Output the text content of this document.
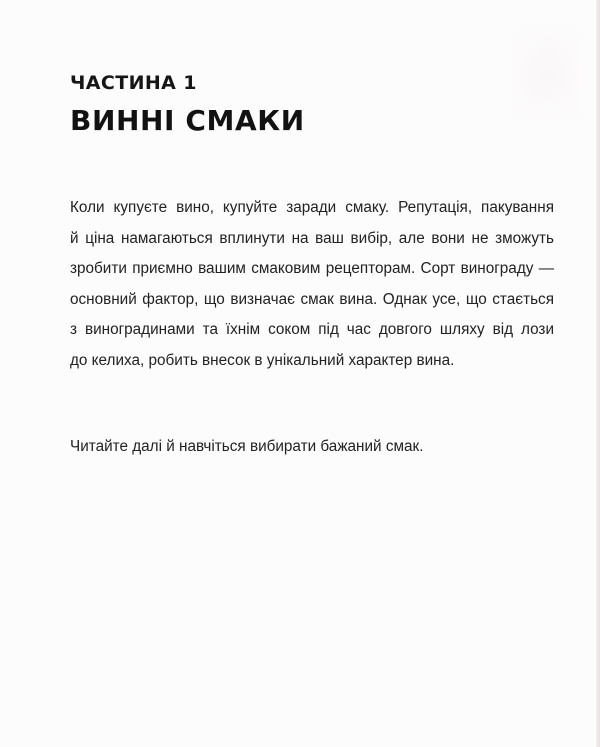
ЧАСТИНА 1
ВИННІ СМАКИ
Коли купуєте вино, купуйте заради смаку. Репутація, пакування
й ціна намагаються вплинути на ваш вибір, але вони не зможуть
зробити приємно вашим смаковим рецепторам. Сорт винограду —
основний фактор, що визначає смак вина. Однак усе, що стається
з виноградинами та їхнім соком під час довгого шляху від лози
до келиха, робить внесок в унікальний характер вина.
Читайте далі й навчіться вибирати бажаний смак.
